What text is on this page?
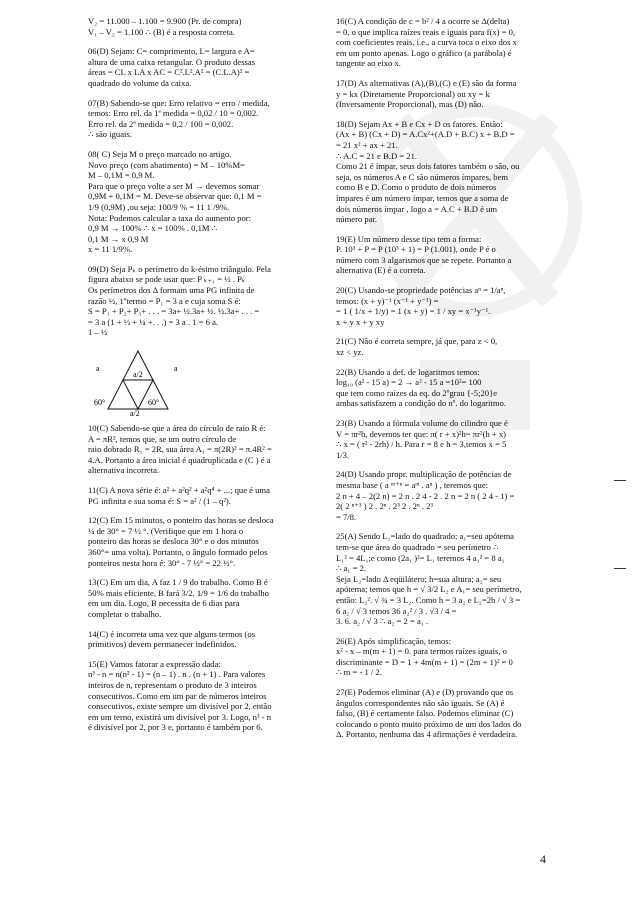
V₂ = 11.000 – 1.100 = 9.900 (Pr. de compra)
V₁ – V₂ = 1.100 ∴ (B) é a resposta correta.
06(D) Sejam: C= comprimento, L= largura e A=
altura de uma caixa retangular. O produto dessas
áreas = CL x LA x AC = C².L².A² = (C.L.A)² =
quadrado do volume da caixa.
07(B) Sabendo-se que: Erro relativo = erro / medida,
temos: Erro rel. da 1ª medida = 0,02 / 10 = 0,002.
Erro rel. da 2ª medida = 0,2 / 100 = 0,002.
∴ são iguais.
08( C) Seja M o preço marcado no artigo.
Novo preço (com abatimento) = M – 10%M=
M – 0,1M = 0,9 M.
Para que o preço volte a ser M → devemos somar
0,9M + 0,1M = M. Deve-se observar que: 0,1 M =
1/9 (0,9M) ,ou seja: 100/9 % = 11 1 /9%.
Nota: Podemos calcular a taxa do aumento por:
0,9 M → 100% ∴ x = 100% . 0,1M ∴
0,1 M → x 0,9 M
x = 11 1/9%.
09(D) Seja Pₖ o perímetro do k-ésimo triângulo. Pela
figura abaixo se pode usar que: P ₖ₊₁ = ½ . Pₖ
Os perímetros dos Δ formam uma PG infinita de
razão ½, 1ºtermo = P₁ = 3 a e cuja soma S é:
S = P₁ + P₂+ P₃+ . . . = 3a+ ½.3a+ ½. ½.3a+ . . . =
= 3 a (1 + ½ + ¼ +. . .) = 3 a . 1 = 6 a.
1 – ½
a	a
a/2
60°	60°
a/2
10(C) Sabendo-se que a área do círculo de raio R é:
A = πR², temos que, se um outro círculo de
raio dobrado R₁ = 2R, sua área A₁ = π(2R)² = π.4R² =
4.A. Portanto a área inicial é quadruplicada e (C ) é a
alternativa incorreta.
11(C) A nova série é: a² + a²q² + a²q⁴ + ...; que é uma
PG infinita e sua soma é: S = a² / (1 – q²).
12(C) Em 15 minutos, o ponteiro das horas se desloca
¼ de 30° = 7 ½ °. (Verifique que em 1 hora o
ponteiro das horas se desloca 30° e o dos minutos
360°= uma volta). Portanto, o ângulo formado pelos
ponteiros nesta hora é: 30° - 7 ½° = 22 ½°.
13(C) Em um dia, A faz 1 / 9 do trabalho. Como B é
50% mais eficiente, B fará 3/2. 1/9 = 1/6 do trabalho
em um dia. Logo, B necessita de 6 dias para
completar o trabalho.
14(C) é incorreta uma vez que alguns termos (os
primitivos) devem permanecer indefinidos.
15(E) Vamos fatorar a expressão dada:
n³ - n = n(n² - 1) = (n – 1) . n . (n + 1) . Para valores
inteiros de n, representam o produto de 3 inteiros
consecutivos. Como em um par de números inteiros
consecutivos, existe sempre um divisível por 2, então
em um terno, existirá um divisível por 3. Logo, n³ - n
é divisível por 2, por 3 e, portanto é também por 6.
16(C) A condição de c = b² / 4 a ocorre se Δ(delta)
= 0, o que implica raízes reais e iguais para f(x) = 0,
com coeficientes reais, i.e., a curva toca o eixo dos x
em um ponto apenas. Logo o gráfico (a parábola) é
tangente ao eixo x.
17(D) As alternativas (A),(B),(C) e (E) são da forma
y = kx (Diretamente Proporcional) ou xy = k
(Inversamente Proporcional), mas (D) não.
18(D) Sejam Ax + B e Cx + D os fatores. Então:
(Ax + B) (Cx + D) = A.Cx²+(A.D + B.C) x + B.D =
= 21 x² + ax + 21.
∴ A.C = 21 e B.D = 21.
Como 21 é ímpar, seus dois fatores também o são, ou
seja, os números A e C são números ímpares, bem
como B e D. Como o produto de dois números
ímpares é um número ímpar, temos que a soma de
dois números ímpar , logo a = A.C + B.D é um
número par.
19(E) Um número desse tipo tem a forma:
P. 10³ + P = P (10³ + 1) = P (1.001), onde P é o
número com 3 algarismos que se repete. Portanto a
alternativa (E) é a correta.
20(C) Usando-se propriedade potências aⁿ = 1/aⁿ,
temos: (x + y)⁻¹ (x⁻¹ + y⁻¹) =
= 1 ( 1/x + 1/y) = 1 (x + y) = 1 / xy = x⁻¹y⁻¹.
x + y x + y xy
21(C) Não é correta sempre, já que, para z < 0,
xz < yz.
22(B) Usando a def. de logaritmos temos:
log₁₀ (a² - 15 a) = 2 → a² - 15 a =10²= 100
que tem como raízes da eq. do 2ºgrau {-5;20}e
ambas satisfazem a condição do nº. do logaritmo.
23(B) Usando a fórmula volume do cilindro que é
V = πr²h, devemos ter que: π( r + x)²h= πr²(h + x)
∴ x = ( r² - 2rh) / h. Para r = 8 e h = 3,temos x = 5
1/3.
24(D) Usando propr. multiplicação de potências de
mesma base ( a ᵐ⁺ⁿ = aᵐ . aⁿ ) , teremos que:
2 n + 4 – 2(2 n) = 2 n . 2 4 - 2 . 2 n = 2 n ( 2 4 - 1) =
2( 2 ⁿ⁺³ ) 2 . 2ⁿ . 2³ 2 . 2ⁿ . 2³
= 7/8.
25(A) Sendo L₁=lado do quadrado; a₁=seu apótema
tem-se que área do quadrado = seu perímetro ∴
L₁² = 4L₁;e como (2a₁ )²= L₁ teremos 4 a₁² = 8 a₁
∴ a₁ = 2.
Seja L₂=lado Δ eqüilátero; h=sua altura; a₂= seu
apótema; temos que h = √ 3/2 L₂ e A₁= seu perímetro,
então: L₂². √ ¾ = 3 L₂. Como h = 3 a₂ e L₂=2h / √ 3 =
6 a₂ / √ 3 temos 36 a₂² / 3 . √3 / 4 =
3. 6. a₂ / √ 3 ∴ a₂ = 2 = a₁ .
26(E) Após simplificação, temos:
x² - x – m(m + 1) = 0. para termos raízes iguais, o
discriminante = D = 1 + 4m(m + 1) = (2m + 1)² = 0
∴ m = - 1 / 2.
27(E) Podemos eliminar (A) e (D) provando que os
ângulos correspondentes não são iguais. Se (A) é
falso, (B) é certamente falso. Podemos eliminar (C)
colocando o ponto muito próximo de um dos lados do
Δ. Portanto, nenhuma das 4 afirmações é verdadeira.
4
